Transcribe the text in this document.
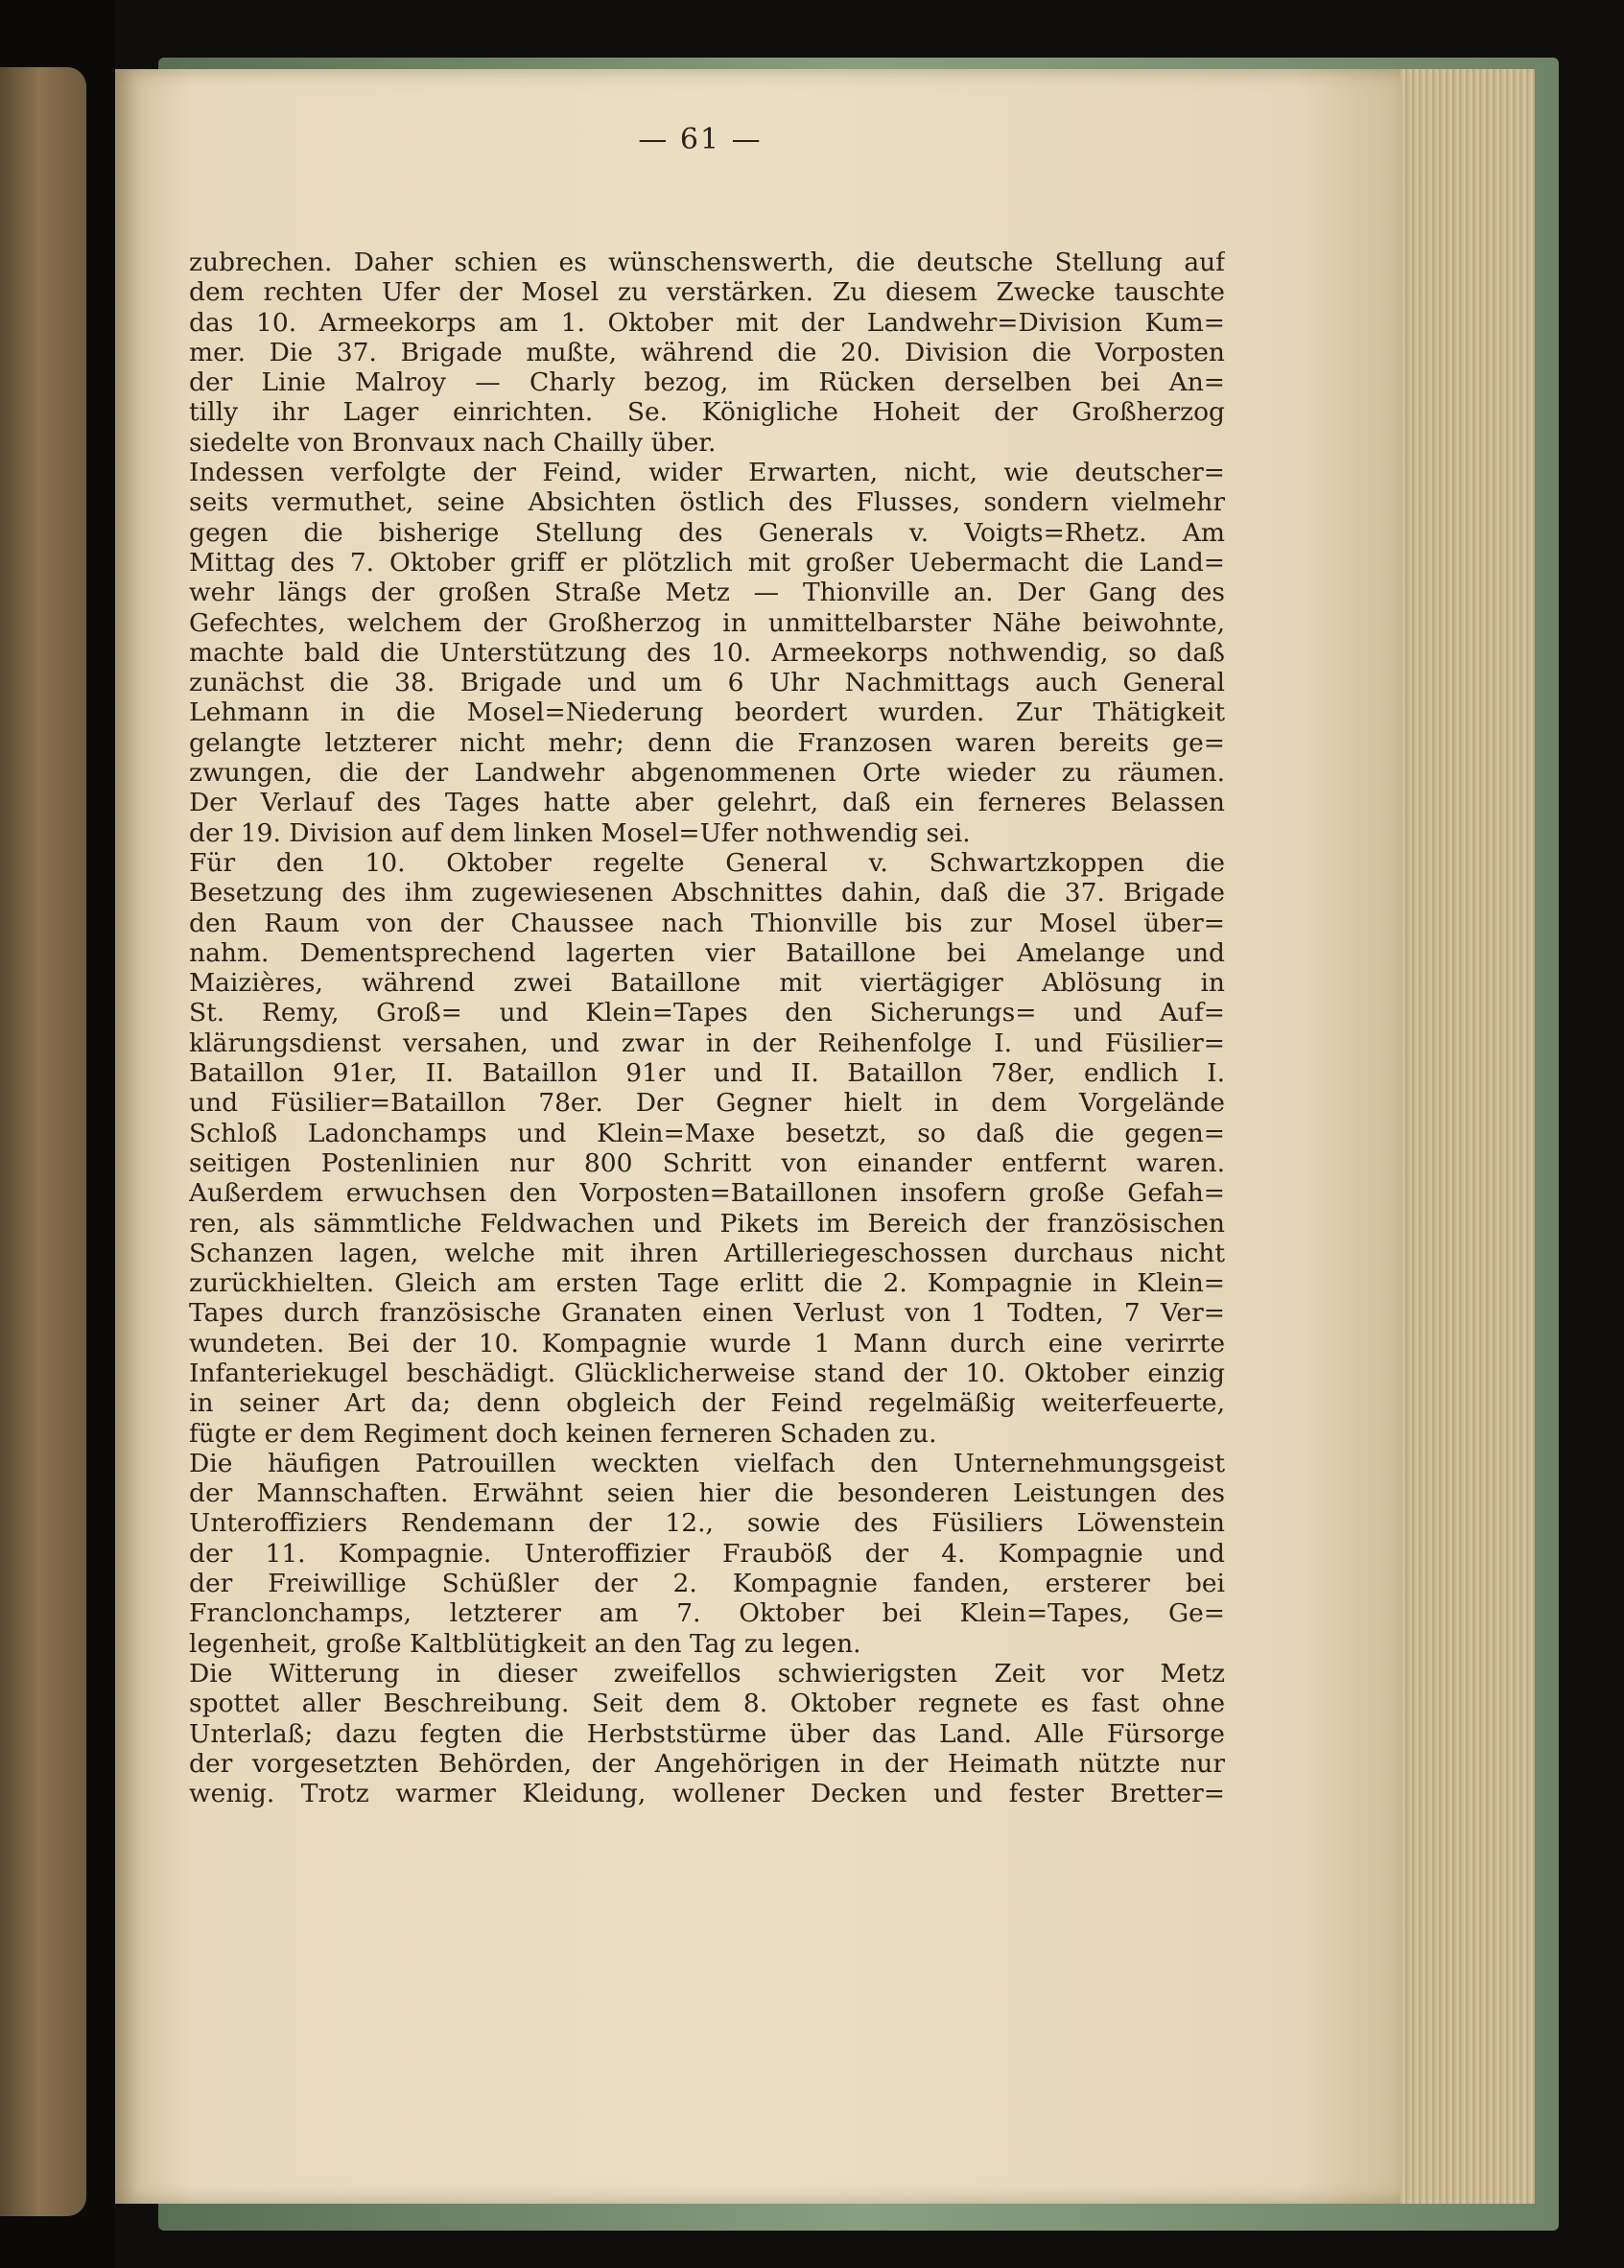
— 61 —
zubrechen. Daher schien es wünschenswerth, die deutsche Stellung auf
dem rechten Ufer der Mosel zu verstärken. Zu diesem Zwecke tauschte
das 10. Armeekorps am 1. Oktober mit der Landwehr=Division Kum=
mer. Die 37. Brigade mußte, während die 20. Division die Vorposten
der Linie Malroy — Charly bezog, im Rücken derselben bei An=
tilly ihr Lager einrichten. Se. Königliche Hoheit der Großherzog
siedelte von Bronvaux nach Chailly über.
Indessen verfolgte der Feind, wider Erwarten, nicht, wie deutscher=
seits vermuthet, seine Absichten östlich des Flusses, sondern vielmehr
gegen die bisherige Stellung des Generals v. Voigts=Rhetz. Am
Mittag des 7. Oktober griff er plötzlich mit großer Uebermacht die Land=
wehr längs der großen Straße Metz — Thionville an. Der Gang des
Gefechtes, welchem der Großherzog in unmittelbarster Nähe beiwohnte,
machte bald die Unterstützung des 10. Armeekorps nothwendig, so daß
zunächst die 38. Brigade und um 6 Uhr Nachmittags auch General
Lehmann in die Mosel=Niederung beordert wurden. Zur Thätigkeit
gelangte letzterer nicht mehr; denn die Franzosen waren bereits ge=
zwungen, die der Landwehr abgenommenen Orte wieder zu räumen.
Der Verlauf des Tages hatte aber gelehrt, daß ein ferneres Belassen
der 19. Division auf dem linken Mosel=Ufer nothwendig sei.
Für den 10. Oktober regelte General v. Schwartzkoppen die
Besetzung des ihm zugewiesenen Abschnittes dahin, daß die 37. Brigade
den Raum von der Chaussee nach Thionville bis zur Mosel über=
nahm. Dementsprechend lagerten vier Bataillone bei Amelange und
Maizières, während zwei Bataillone mit viertägiger Ablösung in
St. Remy, Groß= und Klein=Tapes den Sicherungs= und Auf=
klärungsdienst versahen, und zwar in der Reihenfolge I. und Füsilier=
Bataillon 91er, II. Bataillon 91er und II. Bataillon 78er, endlich I.
und Füsilier=Bataillon 78er. Der Gegner hielt in dem Vorgelände
Schloß Ladonchamps und Klein=Maxe besetzt, so daß die gegen=
seitigen Postenlinien nur 800 Schritt von einander entfernt waren.
Außerdem erwuchsen den Vorposten=Bataillonen insofern große Gefah=
ren, als sämmtliche Feldwachen und Pikets im Bereich der französischen
Schanzen lagen, welche mit ihren Artilleriegeschossen durchaus nicht
zurückhielten. Gleich am ersten Tage erlitt die 2. Kompagnie in Klein=
Tapes durch französische Granaten einen Verlust von 1 Todten, 7 Ver=
wundeten. Bei der 10. Kompagnie wurde 1 Mann durch eine verirrte
Infanteriekugel beschädigt. Glücklicherweise stand der 10. Oktober einzig
in seiner Art da; denn obgleich der Feind regelmäßig weiterfeuerte,
fügte er dem Regiment doch keinen ferneren Schaden zu.
Die häufigen Patrouillen weckten vielfach den Unternehmungsgeist
der Mannschaften. Erwähnt seien hier die besonderen Leistungen des
Unteroffiziers Rendemann der 12., sowie des Füsiliers Löwenstein
der 11. Kompagnie. Unteroffizier Frauböß der 4. Kompagnie und
der Freiwillige Schüßler der 2. Kompagnie fanden, ersterer bei
Franclonchamps, letzterer am 7. Oktober bei Klein=Tapes, Ge=
legenheit, große Kaltblütigkeit an den Tag zu legen.
Die Witterung in dieser zweifellos schwierigsten Zeit vor Metz
spottet aller Beschreibung. Seit dem 8. Oktober regnete es fast ohne
Unterlaß; dazu fegten die Herbststürme über das Land. Alle Fürsorge
der vorgesetzten Behörden, der Angehörigen in der Heimath nützte nur
wenig. Trotz warmer Kleidung, wollener Decken und fester Bretter=
